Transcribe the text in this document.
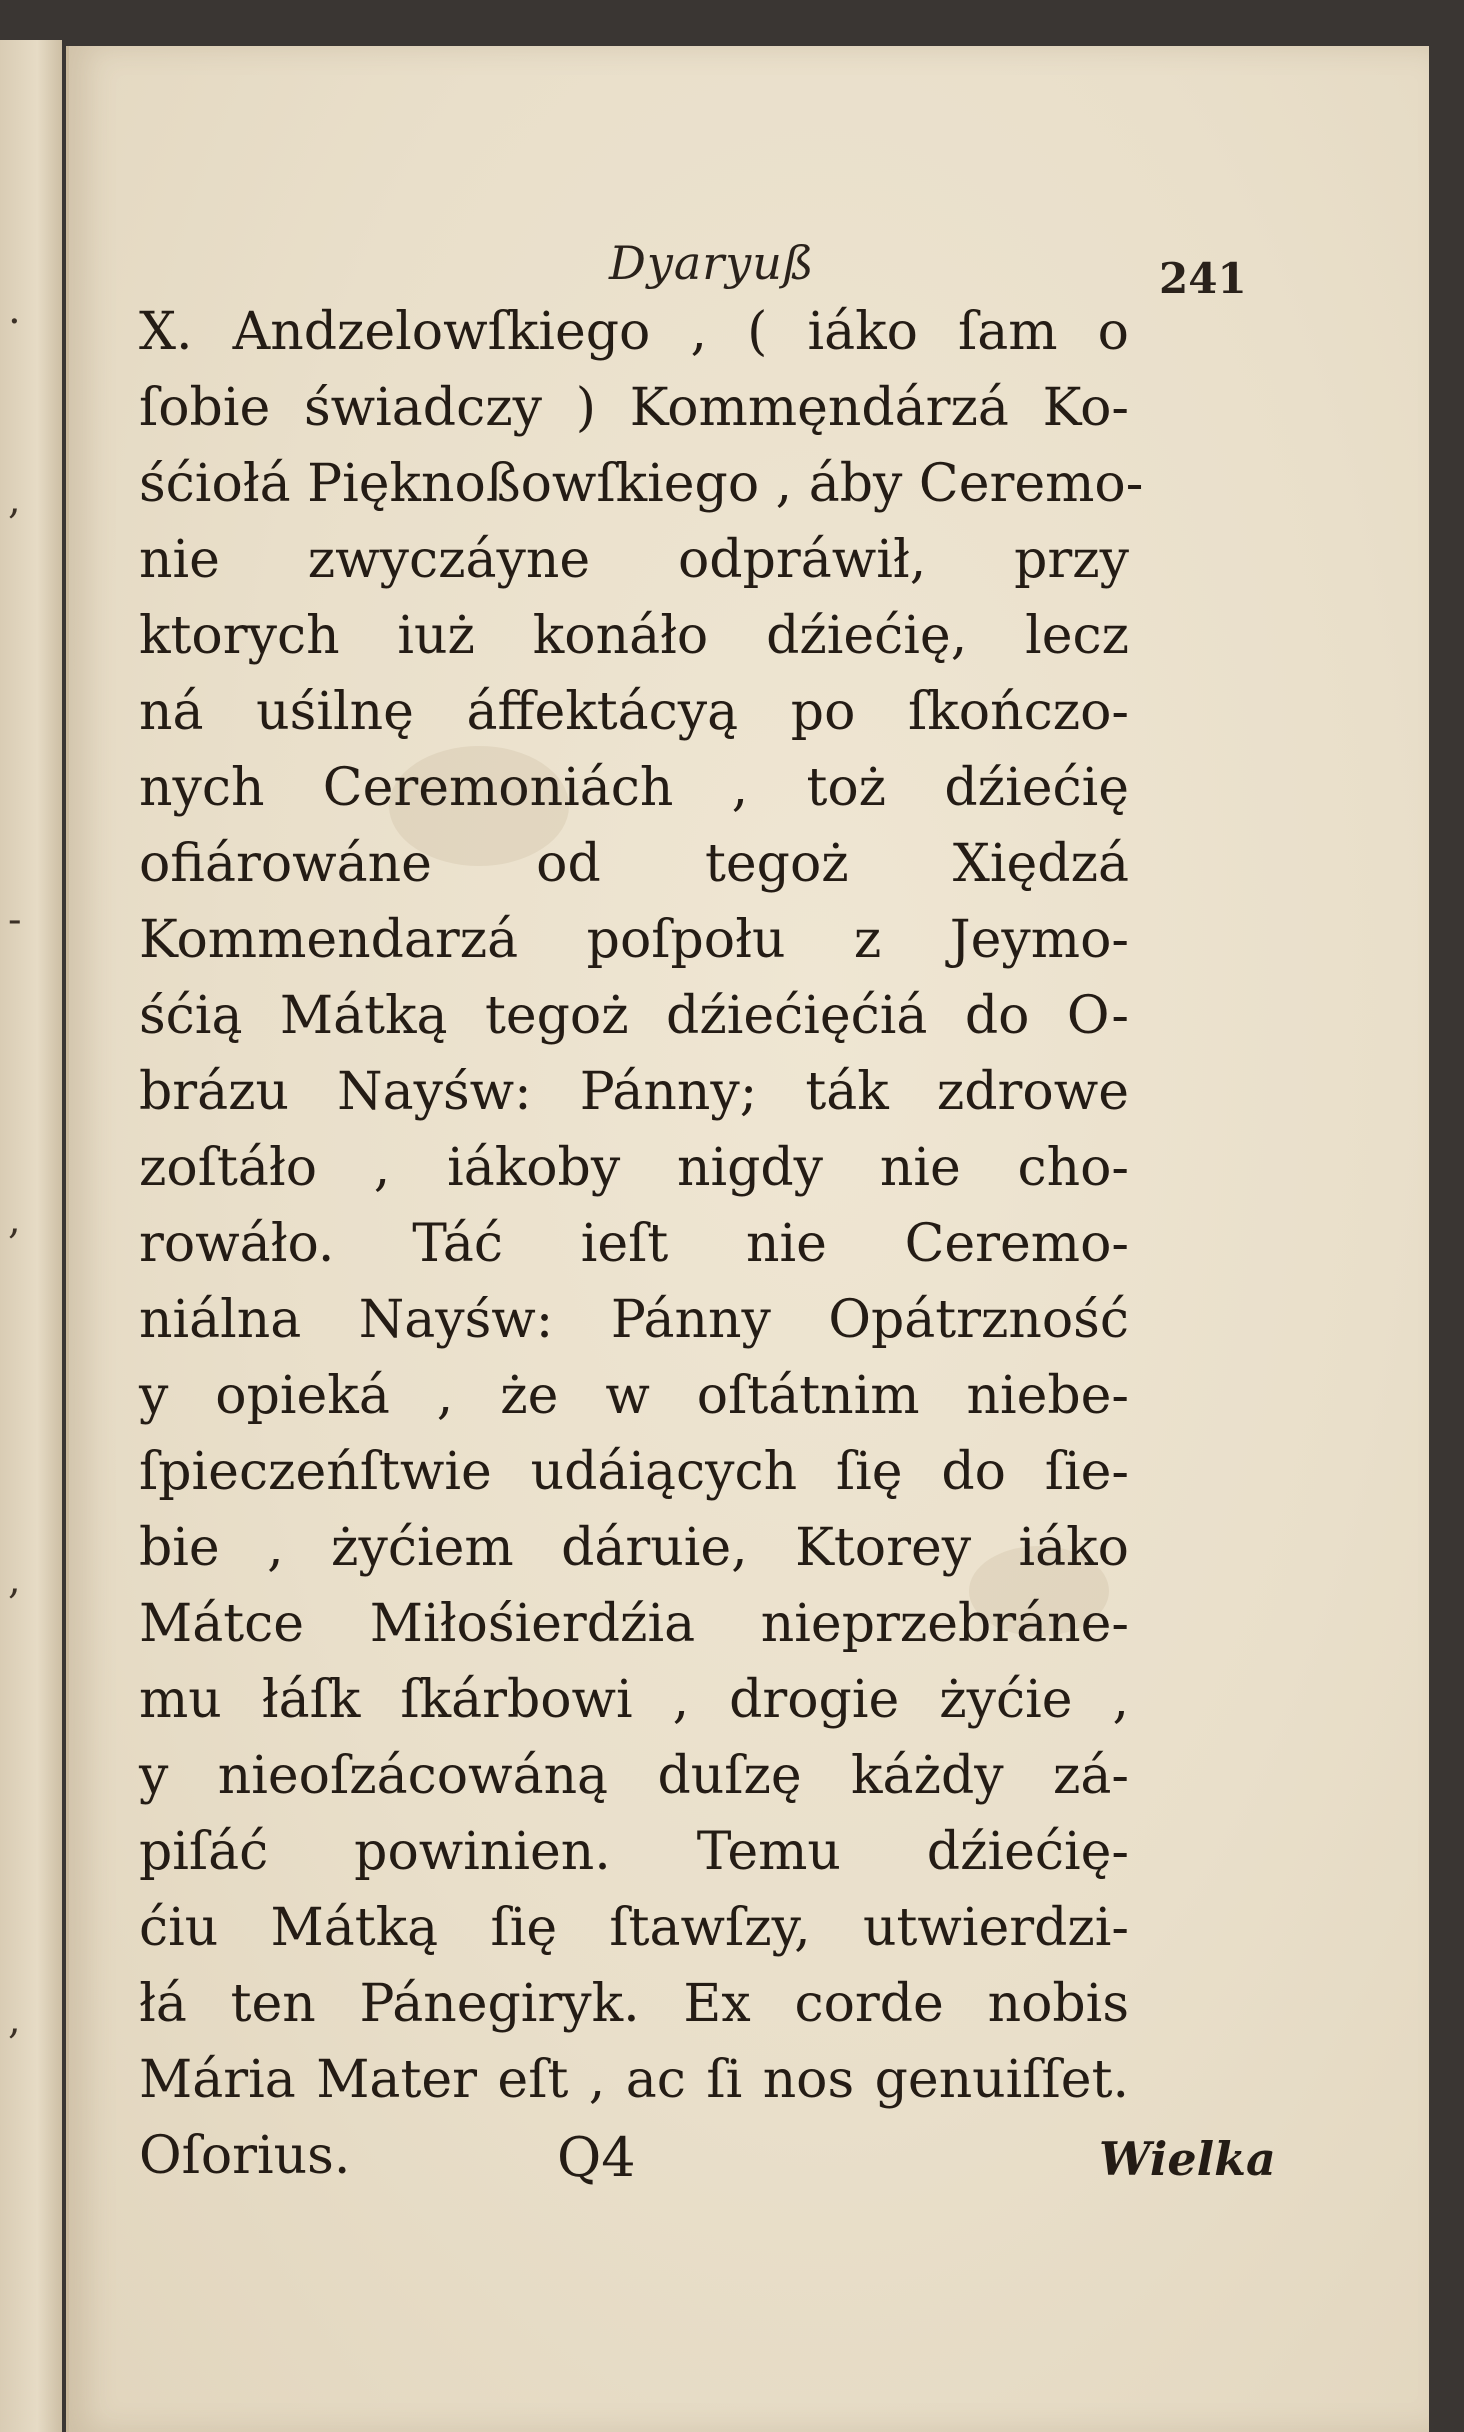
.
,
-
,
,
,
Dyaryuß	241
X. Andzelowſkiego , ( iáko ſam o
ſobie świadczy ) Kommęndárzá Ko-
śćiołá Pięknoßowſkiego , áby Ceremo-
nie zwyczáyne odpráwił, przy
ktorych iuż konáło dźiećię, lecz
ná uśilnę áffektácyą po ſkończo-
nych Ceremoniách , toż dźiećię
ofiárowáne od tegoż Xiędzá
Kommendarzá poſpołu z Jeymo-
śćią Mátką tegoż dźiećięćiá do O-
brázu Nayśw: Pánny; ták zdrowe
zoſtáło , iákoby nigdy nie cho-
rowáło. Táć ieſt nie Ceremo-
niálna Nayśw: Pánny Opátrzność
y opieká , że w oſtátnim niebe-
ſpieczeńſtwie udáiących ſię do ſie-
bie , żyćiem dáruie, Ktorey iáko
Mátce Miłośierdźia nieprzebráne-
mu łáſk ſkárbowi , drogie żyćie ,
y nieoſzácowáną duſzę káżdy zá-
piſáć powinien. Temu dźiećię-
ćiu Mátką ſię ſtawſzy, utwierdzi-
łá ten Pánegiryk. Ex corde nobis
Mária Mater eſt , ac ſi nos genuiſſet.
Oſorius.	Q4	Wielka
